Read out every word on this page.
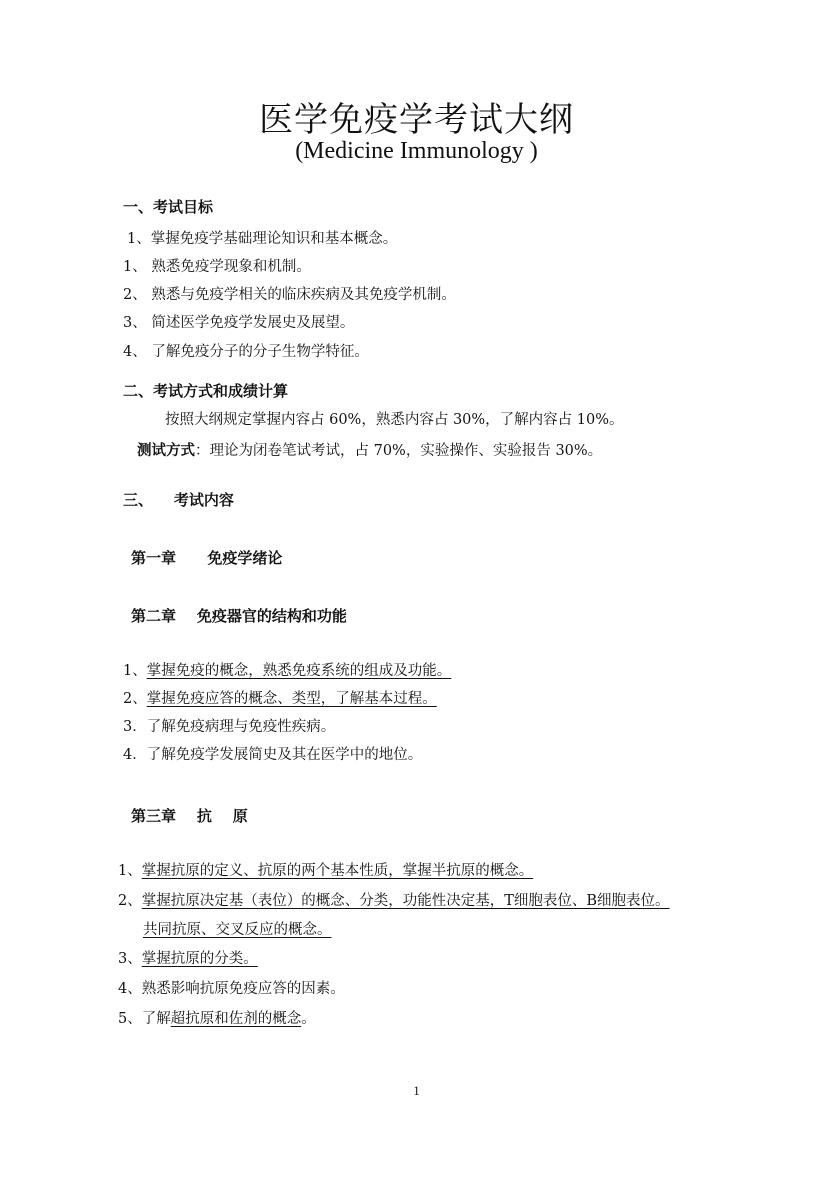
医学免疫学考试大纲
(Medicine Immunology )
一、考试目标
1、掌握免疫学基础理论知识和基本概念。
1、 熟悉免疫学现象和机制。
2、 熟悉与免疫学相关的临床疾病及其免疫学机制。
3、 简述医学免疫学发展史及展望。
4、 了解免疫分子的分子生物学特征。
二、考试方式和成绩计算
按照大纲规定掌握内容占 60%，熟悉内容占 30%，了解内容占 10%。
测试方式：理论为闭卷笔试考试，占 70%，实验操作、实验报告 30%。
三、    考试内容
第一章      免疫学绪论
第二章    免疫器官的结构和功能
1、掌握免疫的概念，熟悉免疫系统的组成及功能。
2、掌握免疫应答的概念、类型，了解基本过程。
3．了解免疫病理与免疫性疾病。
4．了解免疫学发展简史及其在医学中的地位。
第三章    抗    原
1、掌握抗原的定义、抗原的两个基本性质，掌握半抗原的概念。
2、掌握抗原决定基（表位）的概念、分类，功能性决定基，T细胞表位、B细胞表位。
共同抗原、交叉反应的概念。
3、掌握抗原的分类。
4、熟悉影响抗原免疫应答的因素。
5、了解超抗原和佐剂的概念。
1
